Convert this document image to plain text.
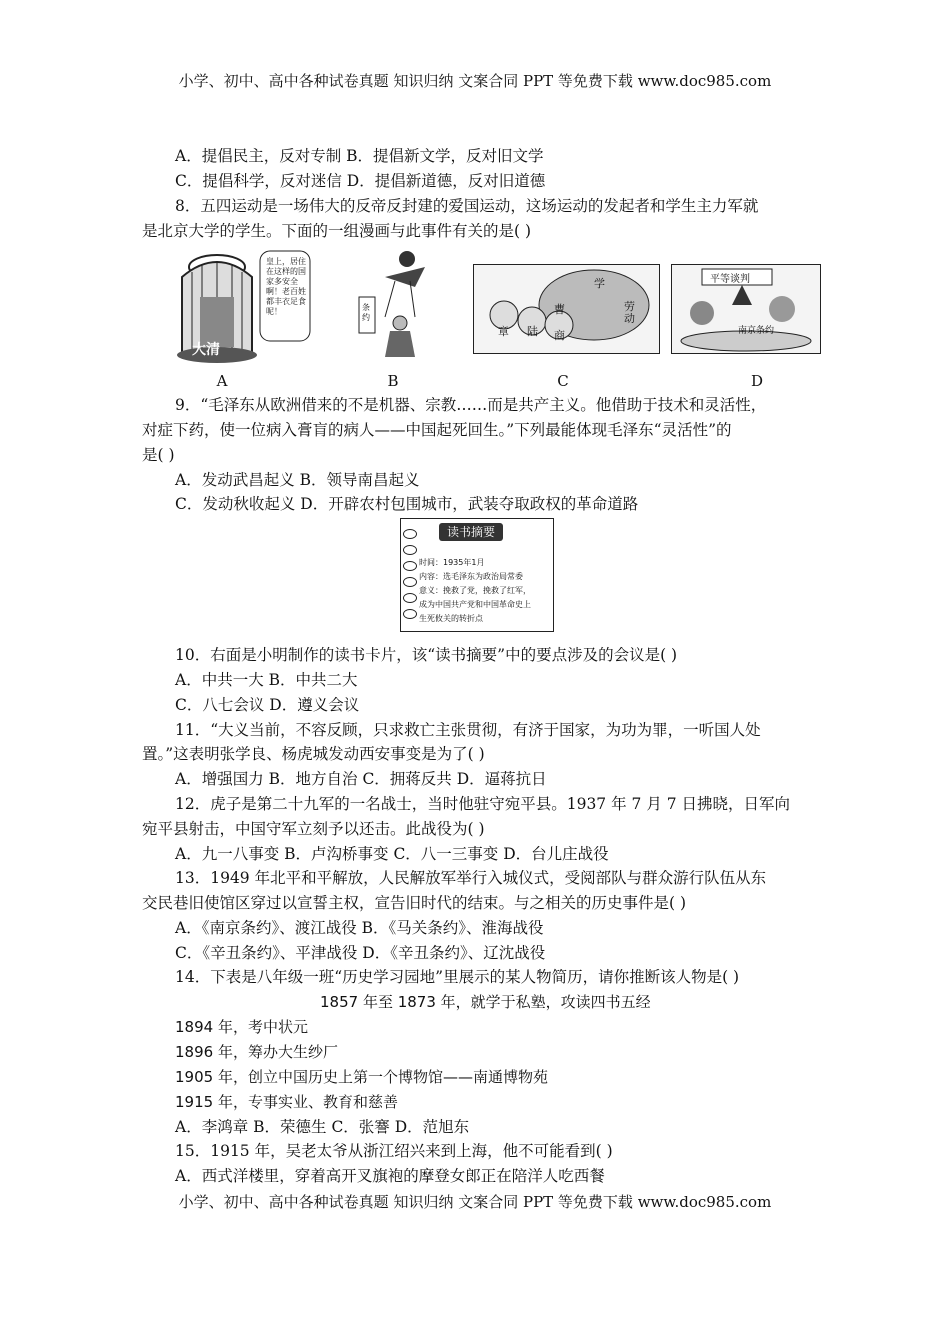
小学、初中、高中各种试卷真题 知识归纳 文案合同 PPT 等免费下载 www.doc985.com
A．提倡民主，反对专制 B．提倡新文学，反对旧文学
C．提倡科学，反对迷信 D．提倡新道德，反对旧道德
8．五四运动是一场伟大的反帝反封建的爱国运动，这场运动的发起者和学生主力军就
是北京大学的学生。下面的一组漫画与此事件有关的是( )
大清
皇上，居住在这样的国家多安全啊！老百姓都丰衣足食呢！	条约
学
劳动
章 陆
曹
商
平等谈判
南京条约
A	B	C	D
9．“毛泽东从欧洲借来的不是机器、宗教……而是共产主义。他借助于技术和灵活性，
对症下药，使一位病入膏肓的病人——中国起死回生。”下列最能体现毛泽东“灵活性”的
是( )
A．发动武昌起义 B．领导南昌起义
C．发动秋收起义 D．开辟农村包围城市，武装夺取政权的革命道路
读书摘要
时间：1935年1月
内容：选毛泽东为政治局常委
意义：挽救了党，挽救了红军，
成为中国共产党和中国革命史上
生死攸关的转折点
10．右面是小明制作的读书卡片，该“读书摘要”中的要点涉及的会议是( )
A．中共一大 B．中共二大
C．八七会议 D．遵义会议
11．“大义当前，不容反顾，只求救亡主张贯彻，有济于国家，为功为罪，一听国人处
置。”这表明张学良、杨虎城发动西安事变是为了( )
A．增强国力 B．地方自治 C．拥蒋反共 D．逼蒋抗日
12．虎子是第二十九军的一名战士，当时他驻守宛平县。1937 年 7 月 7 日拂晓，日军向
宛平县射击，中国守军立刻予以还击。此战役为( )
A．九一八事变 B．卢沟桥事变 C．八一三事变 D．台儿庄战役
13．1949 年北平和平解放，人民解放军举行入城仪式，受阅部队与群众游行队伍从东
交民巷旧使馆区穿过以宣誓主权，宣告旧时代的结束。与之相关的历史事件是( )
A．《南京条约》、渡江战役 B．《马关条约》、淮海战役
C．《辛丑条约》、平津战役 D．《辛丑条约》、辽沈战役
14．下表是八年级一班“历史学习园地”里展示的某人物简历，请你推断该人物是( )
1857 年至 1873 年，就学于私塾，攻读四书五经
1894 年，考中状元
1896 年，筹办大生纱厂
1905 年，创立中国历史上第一个博物馆——南通博物苑
1915 年，专事实业、教育和慈善
A．李鸿章 B．荣德生 C．张謇 D．范旭东
15．1915 年，吴老太爷从浙江绍兴来到上海，他不可能看到( )
A．西式洋楼里，穿着高开叉旗袍的摩登女郎正在陪洋人吃西餐
小学、初中、高中各种试卷真题 知识归纳 文案合同 PPT 等免费下载 www.doc985.com
